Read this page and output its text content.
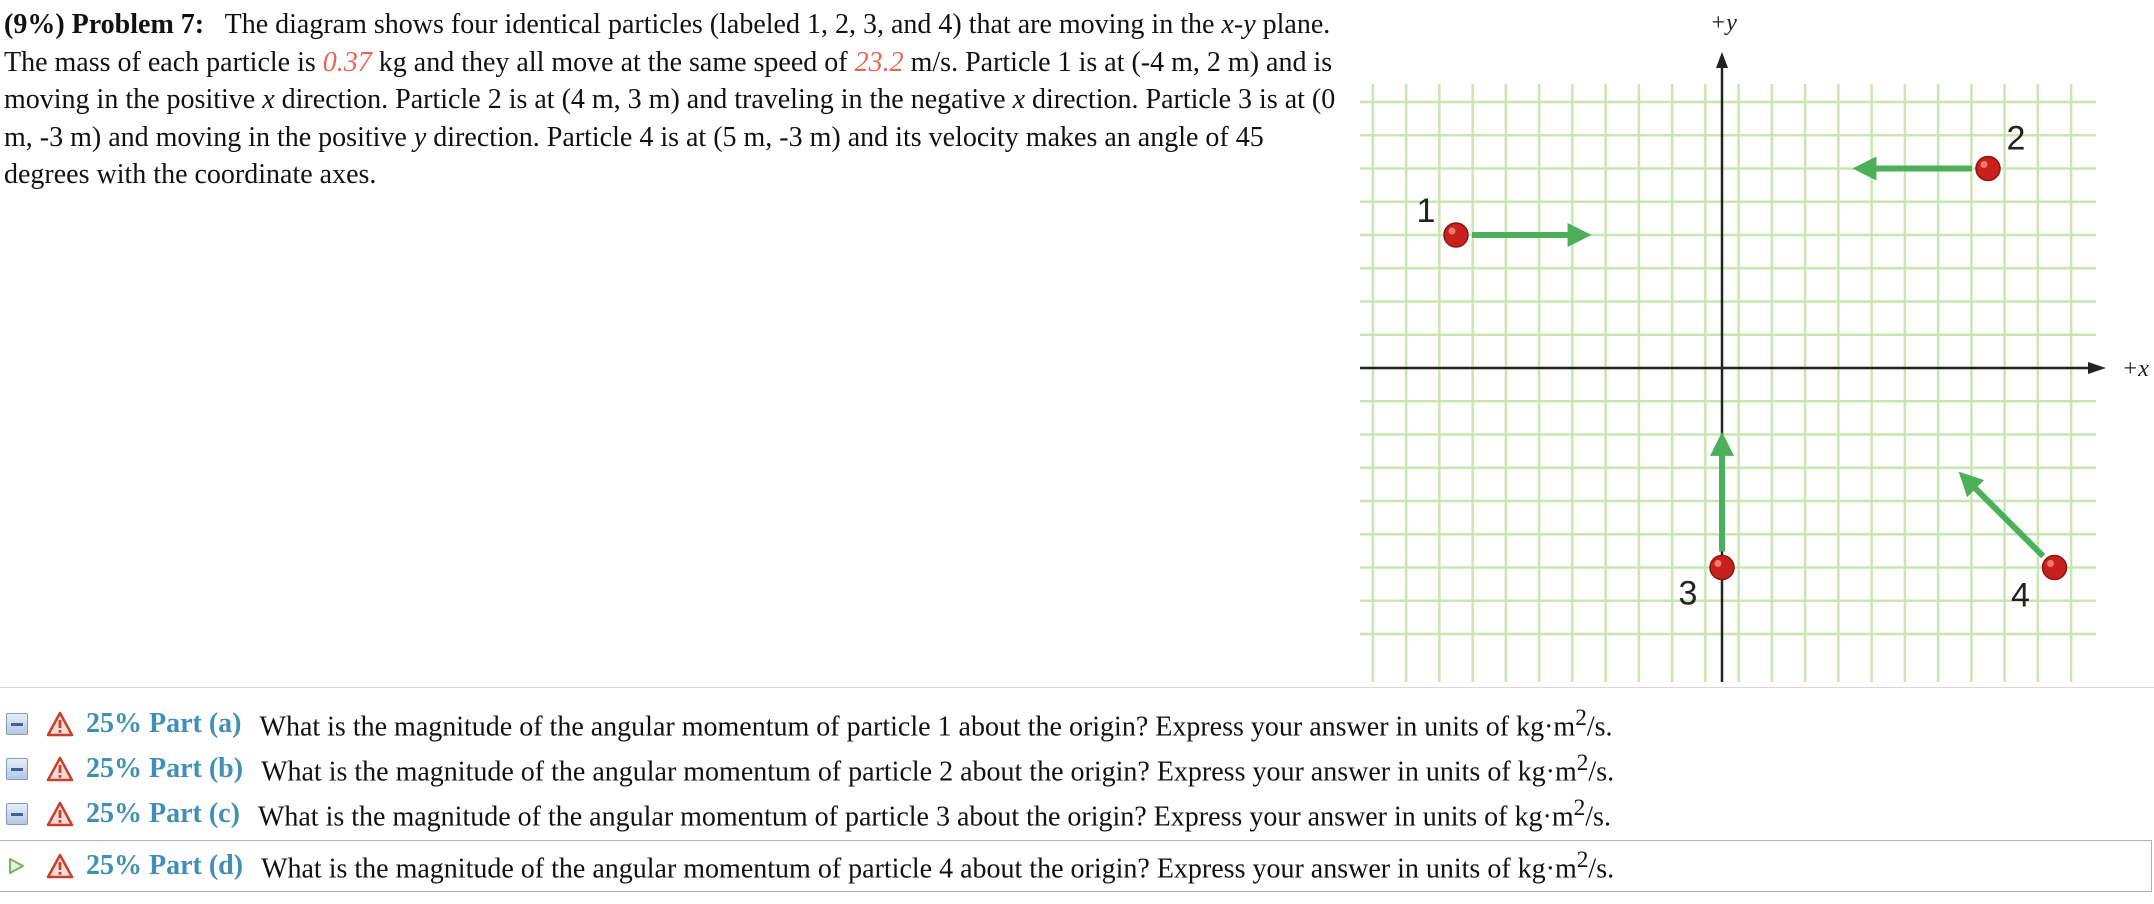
(9%) Problem 7: The diagram shows four identical particles (labeled 1, 2, 3, and 4) that are moving in the x-y plane. The mass of each particle is 0.37 kg and they all move at the same speed of 23.2 m/s. Particle 1 is at (-4 m, 2 m) and is moving in the positive x direction. Particle 2 is at (4 m, 3 m) and traveling in the negative x direction. Particle 3 is at (0 m, -3 m) and moving in the positive y direction. Particle 4 is at (5 m, -3 m) and its velocity makes an angle of 45 degrees with the coordinate axes.
+x
+y
1
2
3	4
25% Part (a) What is the magnitude of the angular momentum of particle 1 about the origin? Express your answer in units of $kg\cdot m^2/s$.
25% Part (b) What is the magnitude of the angular momentum of particle 2 about the origin? Express your answer in units of $kg\cdot m^2/s$.
25% Part (c) What is the magnitude of the angular momentum of particle 3 about the origin? Express your answer in units of $kg\cdot m^2/s$.
25% Part (d) What is the magnitude of the angular momentum of particle 4 about the origin? Express your answer in units of $kg\cdot m^2/s$.
